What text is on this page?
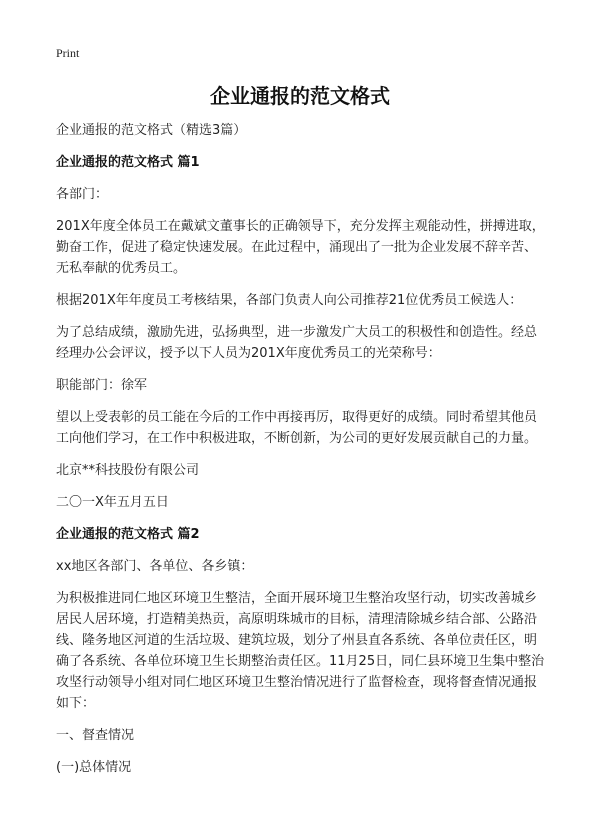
Print
企业通报的范文格式

企业通报的范文格式（精选3篇）

企业通报的范文格式 篇1

各部门：

201X年度全体员工在戴斌文董事长的正确领导下，充分发挥主观能动性，拼搏进取，勤奋工作，促进了稳定快速发展。在此过程中，涌现出了一批为企业发展不辞辛苦、无私奉献的优秀员工。

根据201X年年度员工考核结果，各部门负责人向公司推荐21位优秀员工候选人：

为了总结成绩，激励先进，弘扬典型，进一步激发广大员工的积极性和创造性。经总经理办公会评议，授予以下人员为201X年度优秀员工的光荣称号：

职能部门：徐军

望以上受表彰的员工能在今后的工作中再接再厉，取得更好的成绩。同时希望其他员工向他们学习，在工作中积极进取，不断创新，为公司的更好发展贡献自己的力量。

北京**科技股份有限公司

二〇一X年五月五日

企业通报的范文格式 篇2

xx地区各部门、各单位、各乡镇：

为积极推进同仁地区环境卫生整洁，全面开展环境卫生整治攻坚行动，切实改善城乡居民人居环境，打造精美热贡，高原明珠城市的目标，清理清除城乡结合部、公路沿线、隆务地区河道的生活垃圾、建筑垃圾，划分了州县直各系统、各单位责任区，明确了各系统、各单位环境卫生长期整治责任区。11月25日，同仁县环境卫生集中整治攻坚行动领导小组对同仁地区环境卫生整治情况进行了监督检查，现将督查情况通报如下：

一、督查情况

(一)总体情况
